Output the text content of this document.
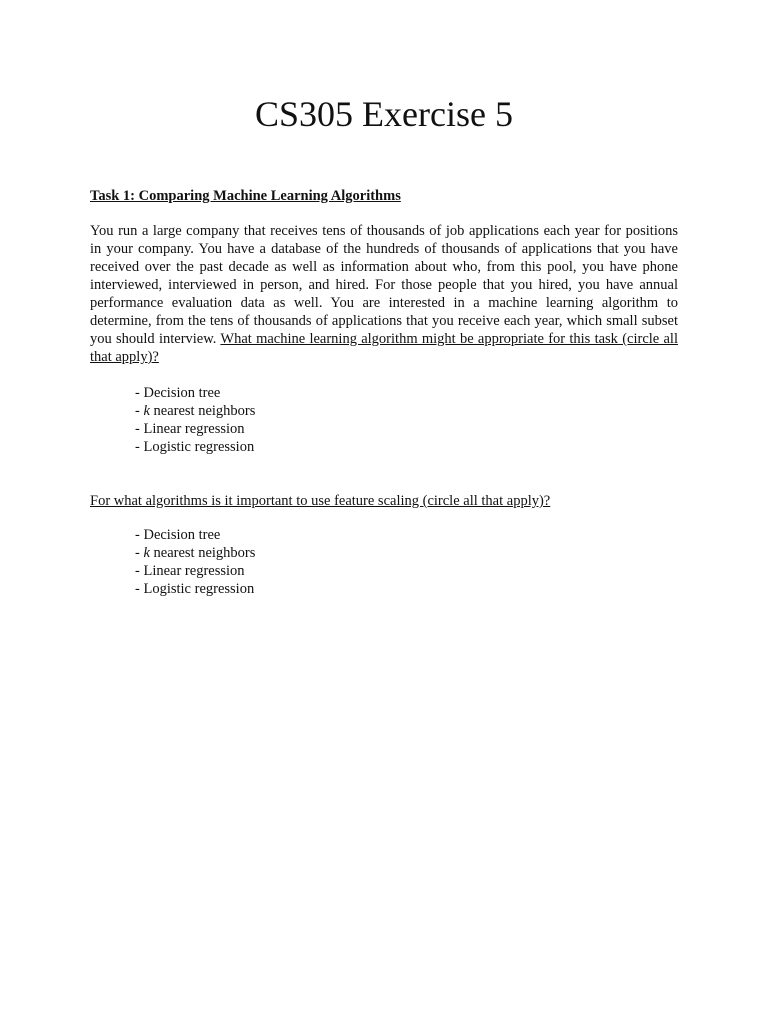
CS305 Exercise 5

Task 1: Comparing Machine Learning Algorithms

You run a large company that receives tens of thousands of job applications each year for positions in your company. You have a database of the hundreds of thousands of applications that you have received over the past decade as well as information about who, from this pool, you have phone interviewed, interviewed in person, and hired. For those people that you hired, you have annual performance evaluation data as well. You are interested in a machine learning algorithm to determine, from the tens of thousands of applications that you receive each year, which small subset you should interview. What machine learning algorithm might be appropriate for this task (circle all that apply)?

- Decision tree
- k nearest neighbors
- Linear regression
- Logistic regression

For what algorithms is it important to use feature scaling (circle all that apply)?

- Decision tree
- k nearest neighbors
- Linear regression
- Logistic regression
